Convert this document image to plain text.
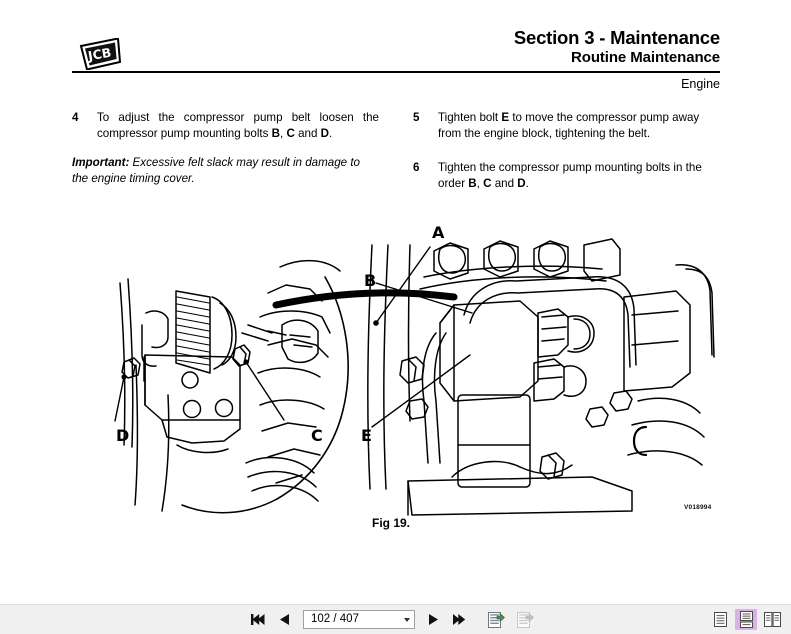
JCB
Section 3 - Maintenance
Routine Maintenance
Engine
4	To adjust the compressor pump belt loosen the compressor pump mounting bolts B, C and D.
Important: Excessive felt slack may result in damage to the engine timing cover.
5	Tighten bolt E to move the compressor pump away from the engine block, tightening the belt.
6	Tighten the compressor pump mounting bolts in the order B, C and D.
A
B
D	C E
Fig 19.
V018994
102 / 407
